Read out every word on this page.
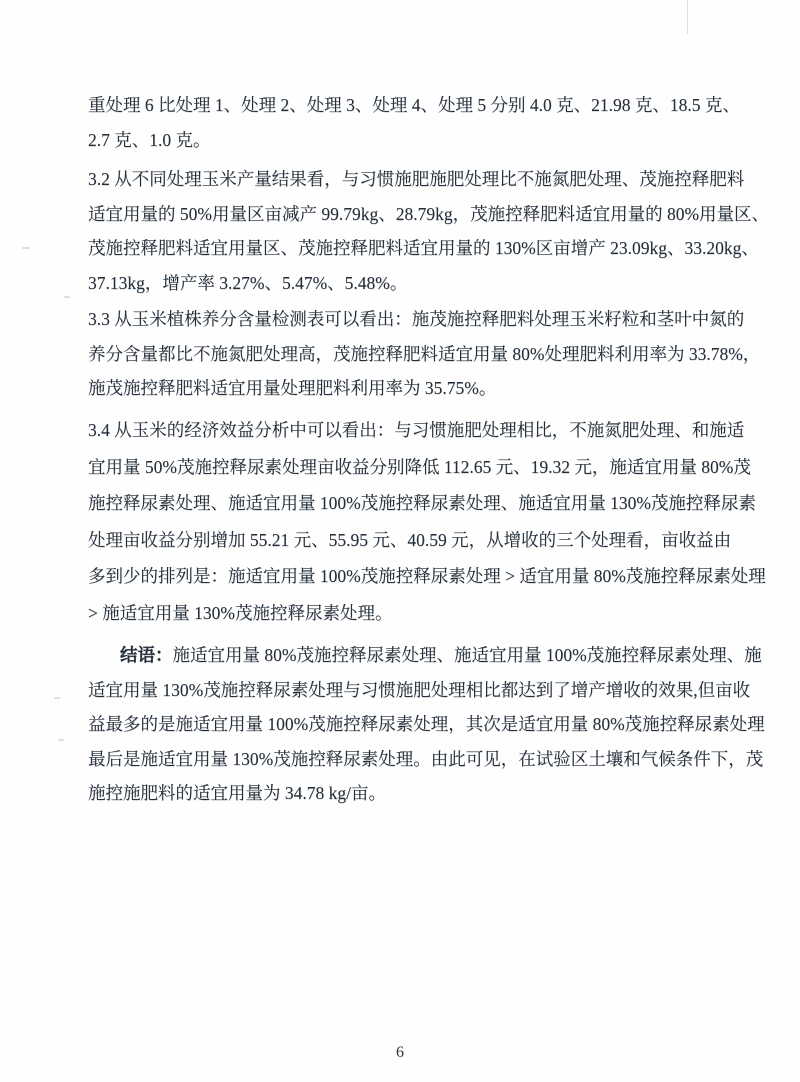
重处理 6 比处理 1、处理 2、处理 3、处理 4、处理 5 分别 4.0 克、21.98 克、18.5 克、
2.7 克、1.0 克。
3.2 从不同处理玉米产量结果看，与习惯施肥施肥处理比不施氮肥处理、茂施控释肥料
适宜用量的 50%用量区亩减产 99.79kg、28.79kg，茂施控释肥料适宜用量的 80%用量区、
茂施控释肥料适宜用量区、茂施控释肥料适宜用量的 130%区亩增产 23.09kg、33.20kg、
37.13kg，增产率 3.27%、5.47%、5.48%。
3.3 从玉米植株养分含量检测表可以看出：施茂施控释肥料处理玉米籽粒和茎叶中氮的
养分含量都比不施氮肥处理高，茂施控释肥料适宜用量 80%处理肥料利用率为 33.78%，
施茂施控释肥料适宜用量处理肥料利用率为 35.75%。
3.4 从玉米的经济效益分析中可以看出：与习惯施肥处理相比，不施氮肥处理、和施适
宜用量 50%茂施控释尿素处理亩收益分别降低 112.65 元、19.32 元，施适宜用量 80%茂
施控释尿素处理、施适宜用量 100%茂施控释尿素处理、施适宜用量 130%茂施控释尿素
处理亩收益分别增加 55.21 元、55.95 元、40.59 元，从增收的三个处理看，亩收益由
多到少的排列是：施适宜用量 100%茂施控释尿素处理 > 适宜用量 80%茂施控释尿素处理
> 施适宜用量 130%茂施控释尿素处理。
结语：施适宜用量 80%茂施控释尿素处理、施适宜用量 100%茂施控释尿素处理、施
适宜用量 130%茂施控释尿素处理与习惯施肥处理相比都达到了增产增收的效果,但亩收
益最多的是施适宜用量 100%茂施控释尿素处理，其次是适宜用量 80%茂施控释尿素处理
最后是施适宜用量 130%茂施控释尿素处理。由此可见，在试验区土壤和气候条件下，茂
施控施肥料的适宜用量为 34.78 kg/亩。
6
